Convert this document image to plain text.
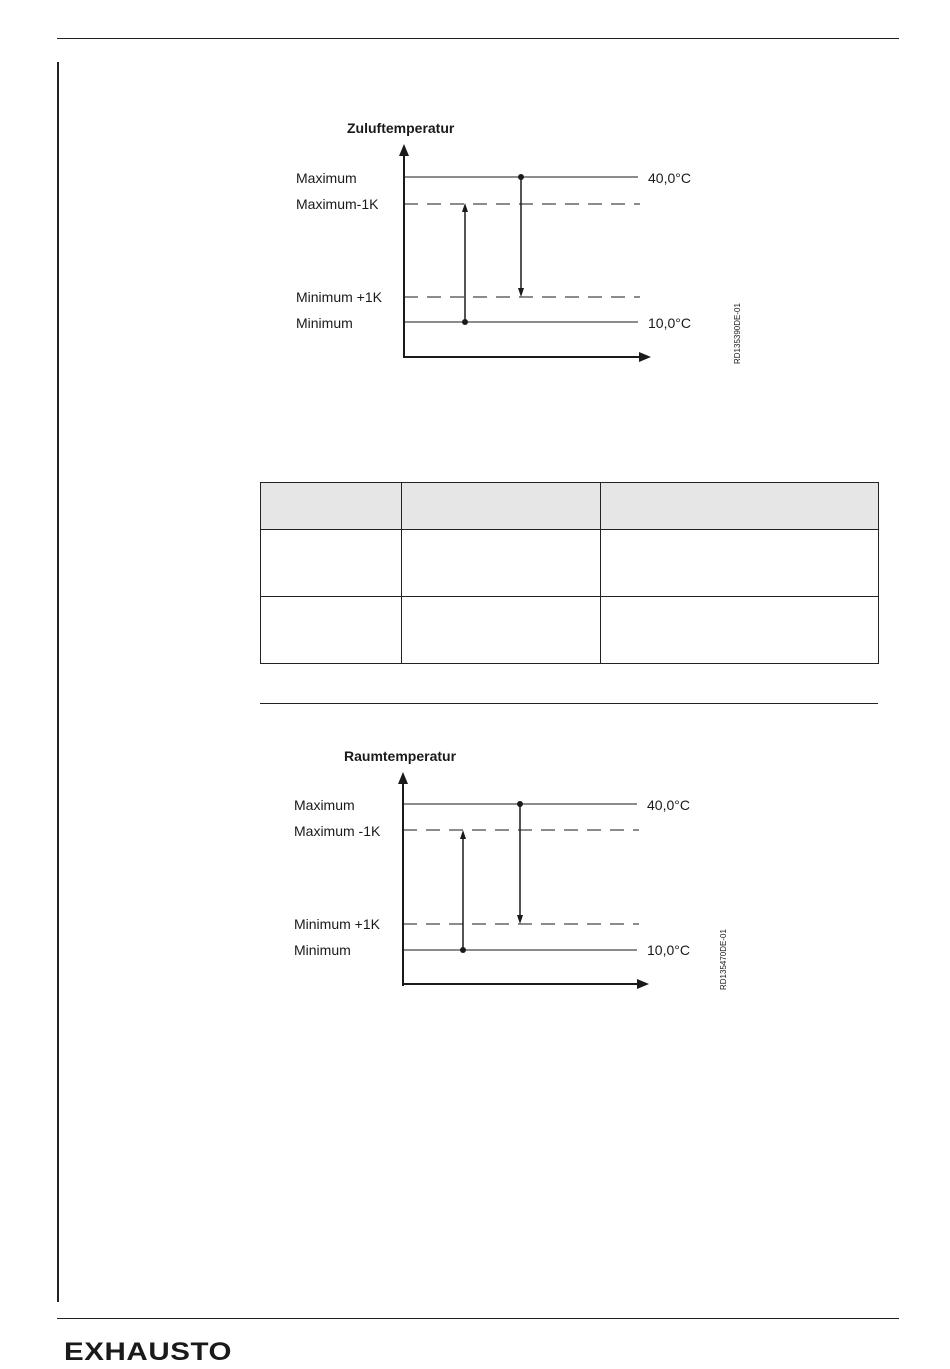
Zuluftemperatur
Maximum
Maximum-1K
Minimum +1K
Minimum
40,0°C
10,0°C	RD135390DE-01

Raumtemperatur
Maximum
Maximum -1K
Minimum +1K
Minimum
40,0°C
10,0°C	RD135470DE-01
EXHAUSTO
